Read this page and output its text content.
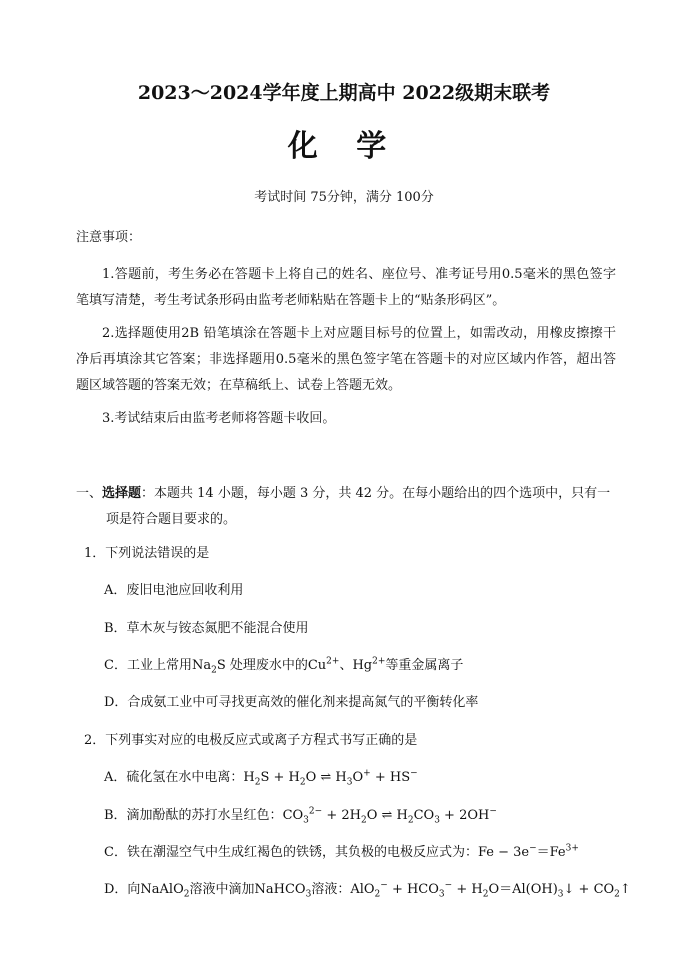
2023～2024学年度上期高中 2022级期末联考
化 学
考试时间 75分钟，满分 100分
注意事项：
1.答题前，考生务必在答题卡上将自己的姓名、座位号、准考证号用0.5毫米的黑色签字笔填写清楚，考生考试条形码由监考老师粘贴在答题卡上的“贴条形码区”。
2.选择题使用2B 铅笔填涂在答题卡上对应题目标号的位置上，如需改动，用橡皮擦擦干净后再填涂其它答案；非选择题用0.5毫米的黑色签字笔在答题卡的对应区域内作答，超出答题区域答题的答案无效；在草稿纸上、试卷上答题无效。
3.考试结束后由监考老师将答题卡收回。
一、选择题：本题共 14 小题，每小题 3 分，共 42 分。在每小题给出的四个选项中，只有一项是符合题目要求的。
1．下列说法错误的是
A．废旧电池应回收利用
B．草木灰与铵态氮肥不能混合使用
C．工业上常用$Na_2S$ 处理废水中的$Cu^{2+}$、$Hg^{2+}$等重金属离子
D．合成氨工业中可寻找更高效的催化剂来提高氮气的平衡转化率
2．下列事实对应的电极反应式或离子方程式书写正确的是
A．硫化氢在水中电离：$H_2S + H_2O$ ⇌ $H_3O^+ + HS^-$
B．滴加酚酞的苏打水呈红色：$CO_3^{2-} + 2H_2O$ ⇌ $H_2CO_3 + 2OH^-$
C．铁在潮湿空气中生成红褐色的铁锈，其负极的电极反应式为：$Fe - 3e^-=Fe^{3+}$
D．向NaAlO$_2$溶液中滴加NaHCO$_3$溶液：$AlO_2^- + HCO_3^-$ + $H_2O=Al(OH)_3↓$ + $CO_2↑$
